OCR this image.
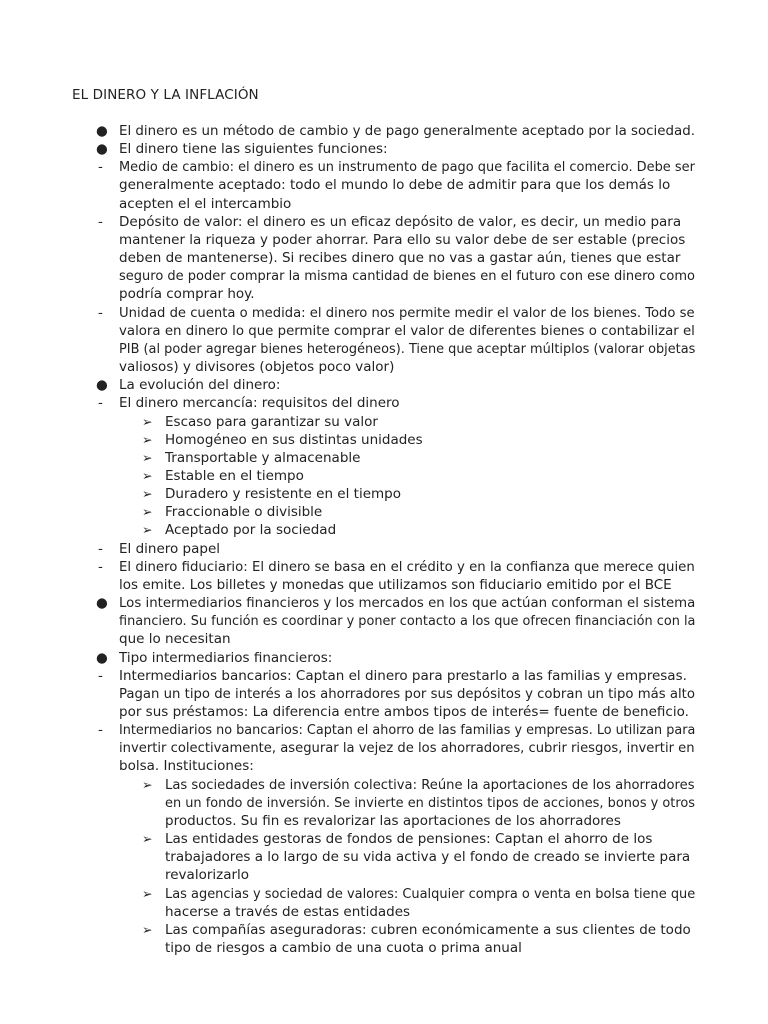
EL DINERO Y LA INFLACIÓN
● El dinero es un método de cambio y de pago generalmente aceptado por la sociedad.
● El dinero tiene las siguientes funciones:
- Medio de cambio: el dinero es un instrumento de pago que facilita el comercio. Debe ser
generalmente aceptado: todo el mundo lo debe de admitir para que los demás lo
acepten el el intercambio
- Depósito de valor: el dinero es un eficaz depósito de valor, es decir, un medio para
mantener la riqueza y poder ahorrar. Para ello su valor debe de ser estable (precios
deben de mantenerse). Si recibes dinero que no vas a gastar aún, tienes que estar
seguro de poder comprar la misma cantidad de bienes en el futuro con ese dinero como
podría comprar hoy.
- Unidad de cuenta o medida: el dinero nos permite medir el valor de los bienes. Todo se
valora en dinero lo que permite comprar el valor de diferentes bienes o contabilizar el
PIB (al poder agregar bienes heterogéneos). Tiene que aceptar múltiplos (valorar objetas
valiosos) y divisores (objetos poco valor)
● La evolución del dinero:
- El dinero mercancía: requisitos del dinero
➢ Escaso para garantizar su valor
➢ Homogéneo en sus distintas unidades
➢ Transportable y almacenable
➢ Estable en el tiempo
➢ Duradero y resistente en el tiempo
➢ Fraccionable o divisible
➢ Aceptado por la sociedad
- El dinero papel
- El dinero fiduciario: El dinero se basa en el crédito y en la confianza que merece quien
los emite. Los billetes y monedas que utilizamos son fiduciario emitido por el BCE
● Los intermediarios financieros y los mercados en los que actúan conforman el sistema
financiero. Su función es coordinar y poner contacto a los que ofrecen financiación con la
que lo necesitan
● Tipo intermediarios financieros:
- Intermediarios bancarios: Captan el dinero para prestarlo a las familias y empresas.
Pagan un tipo de interés a los ahorradores por sus depósitos y cobran un tipo más alto
por sus préstamos: La diferencia entre ambos tipos de interés= fuente de beneficio.
- Intermediarios no bancarios: Captan el ahorro de las familias y empresas. Lo utilizan para
invertir colectivamente, asegurar la vejez de los ahorradores, cubrir riesgos, invertir en
bolsa. Instituciones:
➢ Las sociedades de inversión colectiva: Reúne la aportaciones de los ahorradores
en un fondo de inversión. Se invierte en distintos tipos de acciones, bonos y otros
productos. Su fin es revalorizar las aportaciones de los ahorradores
➢ Las entidades gestoras de fondos de pensiones: Captan el ahorro de los
trabajadores a lo largo de su vida activa y el fondo de creado se invierte para
revalorizarlo
➢ Las agencias y sociedad de valores: Cualquier compra o venta en bolsa tiene que
hacerse a través de estas entidades
➢ Las compañías aseguradoras: cubren económicamente a sus clientes de todo
tipo de riesgos a cambio de una cuota o prima anual
